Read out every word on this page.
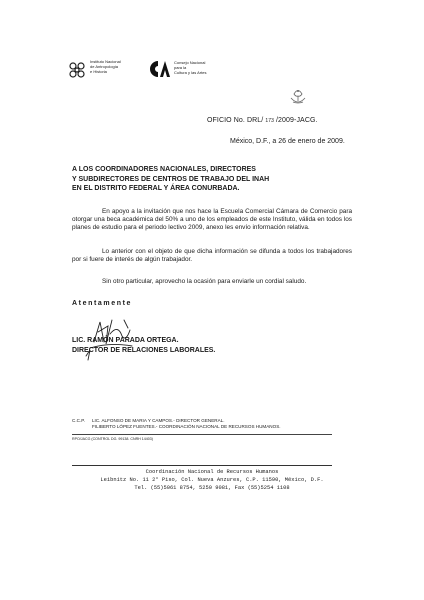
Instituto Nacional
de Antropología
e Historia
Consejo Nacional
para la
Cultura y las Artes
OFICIO No. DRL/ 173 /2009-JACG.
México, D.F., a 26 de enero de 2009.
A LOS COORDINADORES NACIONALES, DIRECTORES
Y SUBDIRECTORES DE CENTROS DE TRABAJO DEL INAH
EN EL DISTRITO FEDERAL Y ÁREA CONURBADA.
En apoyo a la invitación que nos hace la Escuela Comercial Cámara de Comercio para otorgar una beca académica del 50% a uno de los empleados de este Instituto, válida en todos los planes de estudio para el periodo lectivo 2009, anexo les envío información relativa.
Lo anterior con el objeto de que dicha información se difunda a todos los trabajadores por si fuere de interés de algún trabajador.
Sin otro particular, aprovecho la ocasión para enviarle un cordial saludo.
Atentamente
LIC. RAMÓN PARADA ORTEGA.
DIRECTOR DE RELACIONES LABORALES.
C.C.P. LIC. ALFONSO DE MARIA Y CAMPOS.- DIRECTOR GENERAL.
FILIBERTO LÓPEZ FUENTES.- COORDINACIÓN NACIONAL DE RECURSOS HUMANOS.
RPO/JACG (CONTROL DG. 99138. CNRH 14403)
Coordinación Nacional de Recursos Humanos
Leibnitz No. 11 2° Piso, Col. Nueva Anzures, C.P. 11590, México, D.F.
Tel. (55)5061 8754, 5250 9081, Fax (55)5254 1108
